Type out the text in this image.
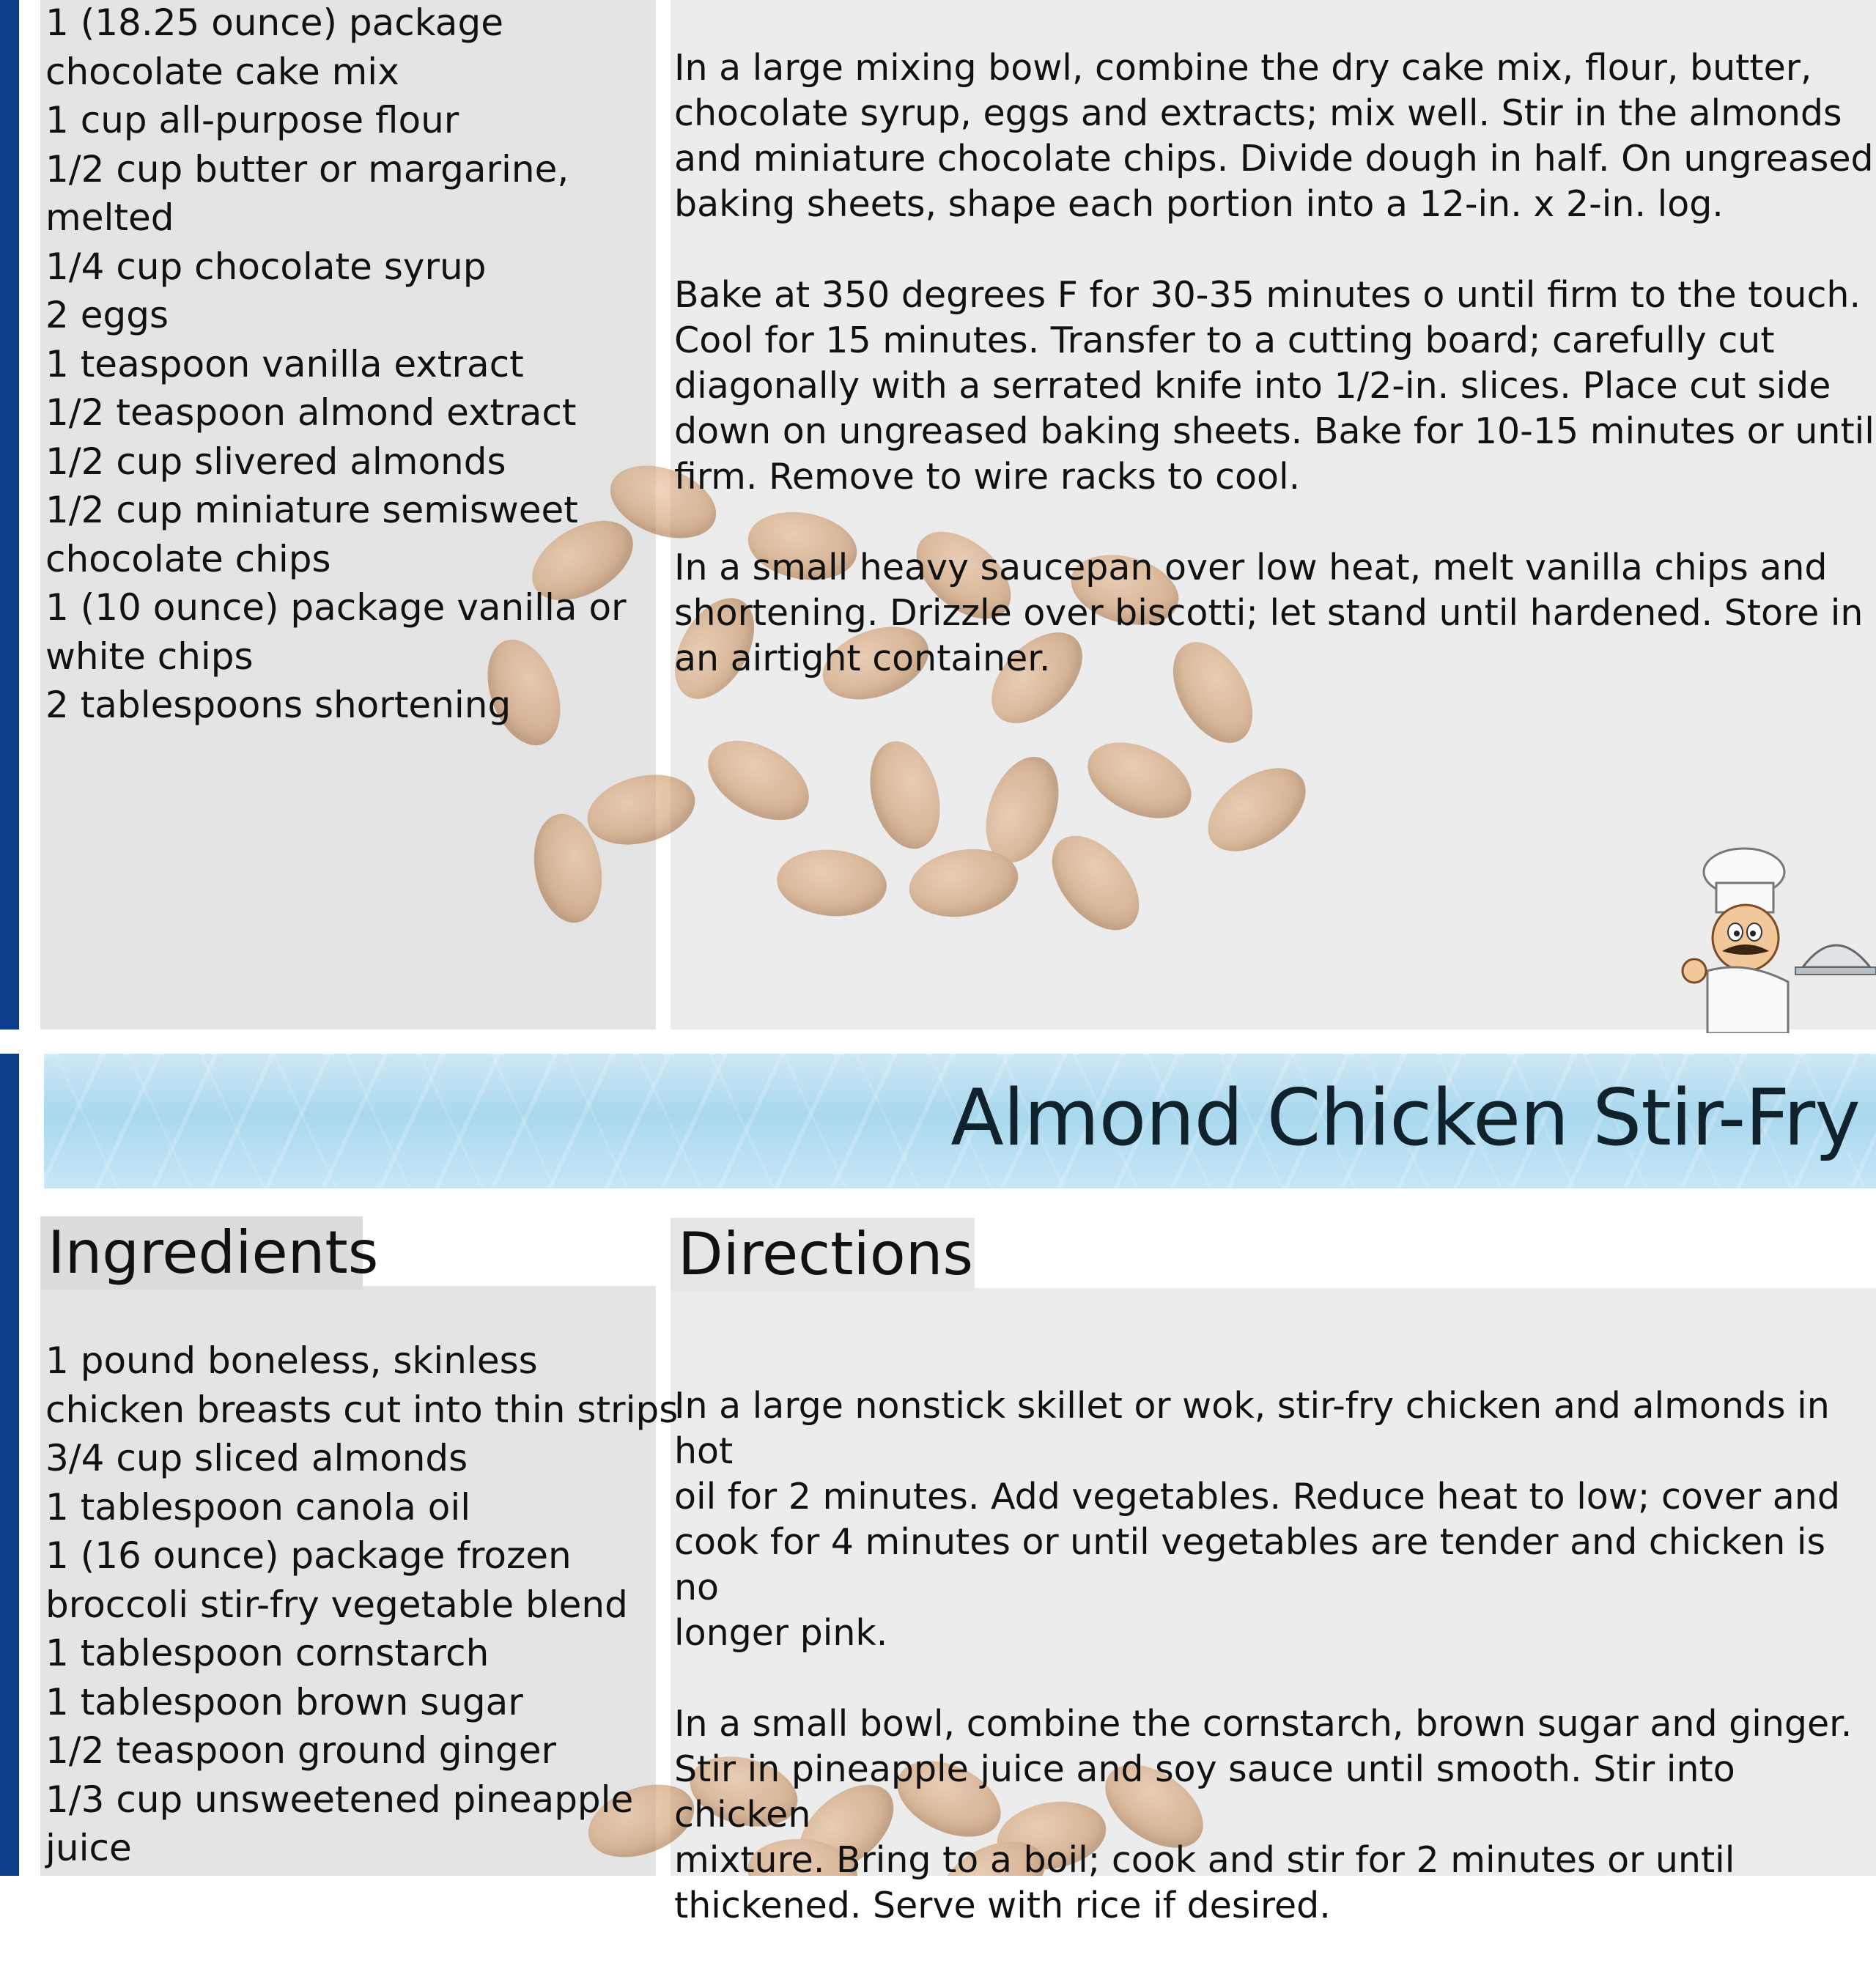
1 (18.25 ounce) package
chocolate cake mix
1 cup all-purpose flour
1/2 cup butter or margarine,
melted
1/4 cup chocolate syrup
2 eggs
1 teaspoon vanilla extract
1/2 teaspoon almond extract
1/2 cup slivered almonds
1/2 cup miniature semisweet
chocolate chips
1 (10 ounce) package vanilla or
white chips
2 tablespoons shortening

In a large mixing bowl, combine the dry cake mix, flour, butter,
chocolate syrup, eggs and extracts; mix well. Stir in the almonds
and miniature chocolate chips. Divide dough in half. On ungreased
baking sheets, shape each portion into a 12-in. x 2-in. log.

Bake at 350 degrees F for 30-35 minutes o until firm to the touch.
Cool for 15 minutes. Transfer to a cutting board; carefully cut
diagonally with a serrated knife into 1/2-in. slices. Place cut side
down on ungreased baking sheets. Bake for 10-15 minutes or until
firm. Remove to wire racks to cool.

In a small heavy saucepan over low heat, melt vanilla chips and
shortening. Drizzle over biscotti; let stand until hardened. Store in
an airtight container.

Almond Chicken Stir-Fry
Ingredients	Directions
1 pound boneless, skinless
chicken breasts cut into thin strips
3/4 cup sliced almonds
1 tablespoon canola oil
1 (16 ounce) package frozen
broccoli stir-fry vegetable blend
1 tablespoon cornstarch
1 tablespoon brown sugar
1/2 teaspoon ground ginger
1/3 cup unsweetened pineapple
juice

In a large nonstick skillet or wok, stir-fry chicken and almonds in hot
oil for 2 minutes. Add vegetables. Reduce heat to low; cover and
cook for 4 minutes or until vegetables are tender and chicken is no
longer pink.

In a small bowl, combine the cornstarch, brown sugar and ginger.
Stir in pineapple juice and soy sauce until smooth. Stir into chicken
mixture. Bring to a boil; cook and stir for 2 minutes or until
thickened. Serve with rice if desired.
